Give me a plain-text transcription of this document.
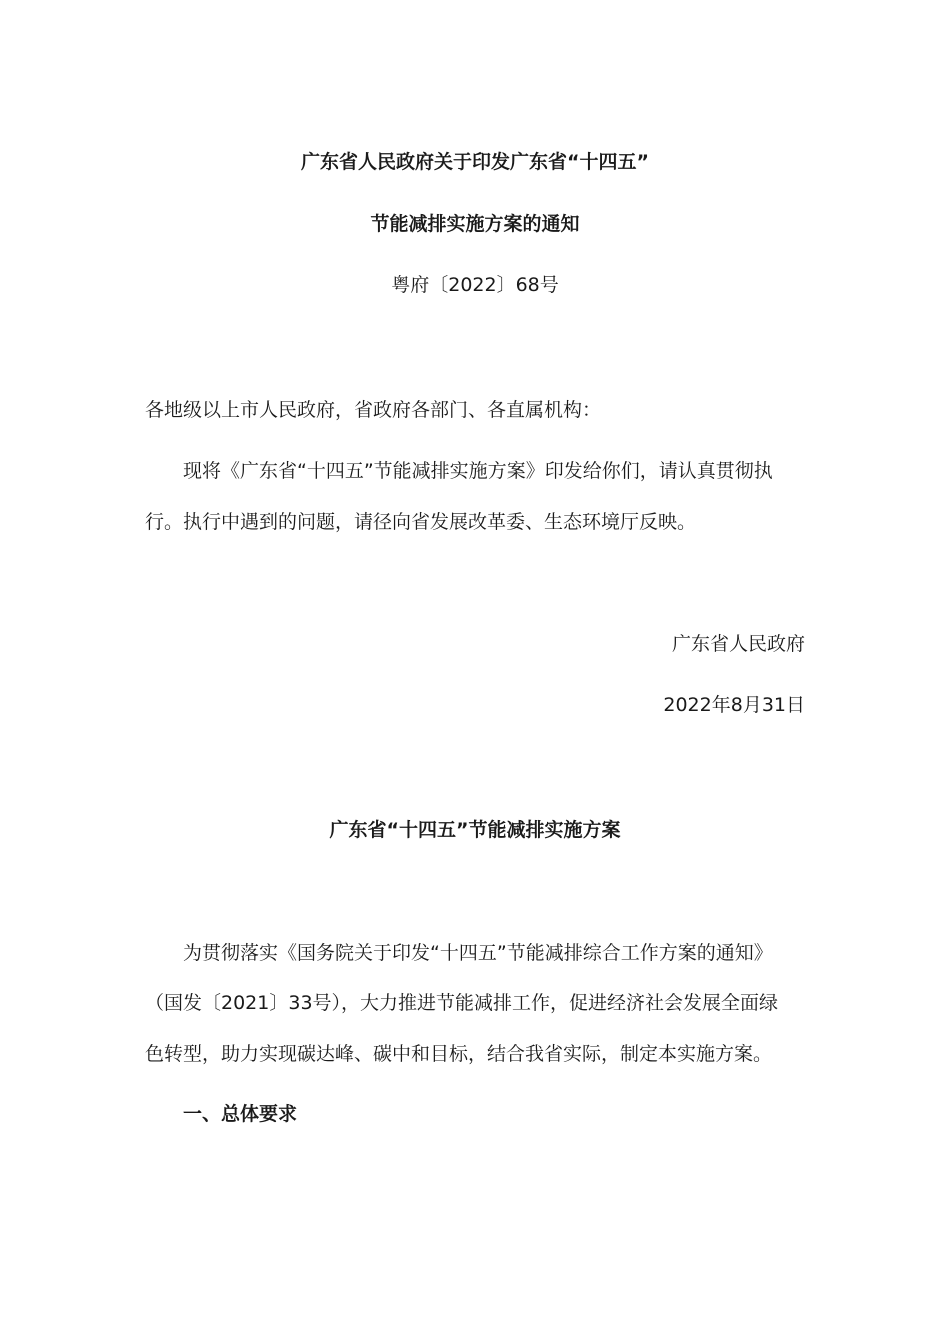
广东省人民政府关于印发广东省“十四五”
节能减排实施方案的通知
粤府〔2022〕68号
各地级以上市人民政府，省政府各部门、各直属机构：
现将《广东省“十四五”节能减排实施方案》印发给你们，请认真贯彻执
行。执行中遇到的问题，请径向省发展改革委、生态环境厅反映。
广东省人民政府
2022年8月31日
广东省“十四五”节能减排实施方案
为贯彻落实《国务院关于印发“十四五”节能减排综合工作方案的通知》
（国发〔2021〕33号），大力推进节能减排工作，促进经济社会发展全面绿
色转型，助力实现碳达峰、碳中和目标，结合我省实际，制定本实施方案。
一、总体要求
